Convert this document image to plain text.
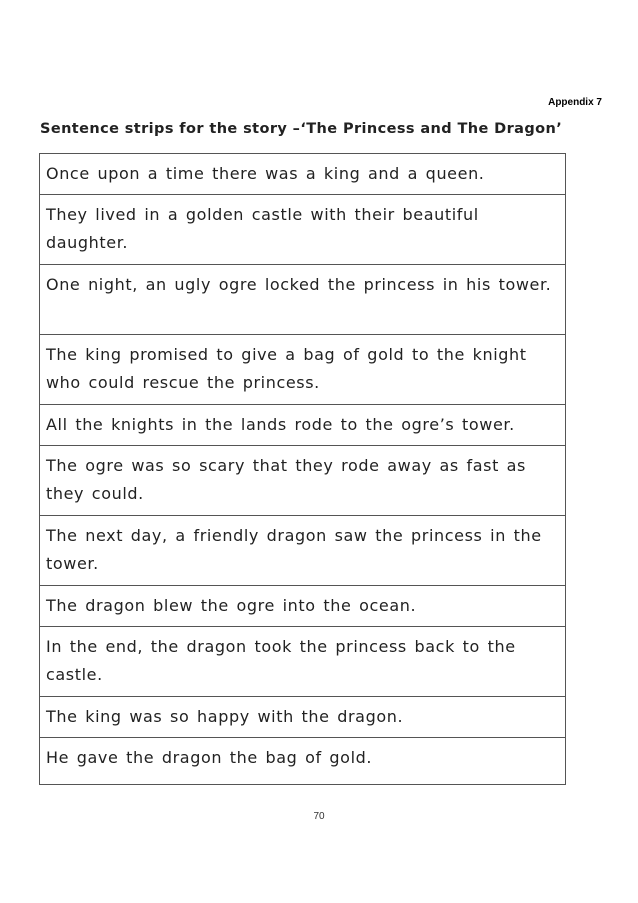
Appendix 7
Sentence strips for the story –‘The Princess and The Dragon’
Once upon a time there was a king and a queen.
They lived in a golden castle with their beautiful daughter.
One night, an ugly ogre locked the princess in his tower.
The king promised to give a bag of gold to the knight who could rescue the princess.
All the knights in the lands rode to the ogre’s tower.
The ogre was so scary that they rode away as fast as they could.
The next day, a friendly dragon saw the princess in the tower.
The dragon blew the ogre into the ocean.
In the end, the dragon took the princess back to the castle.
The king was so happy with the dragon.
He gave the dragon the bag of gold.
70
